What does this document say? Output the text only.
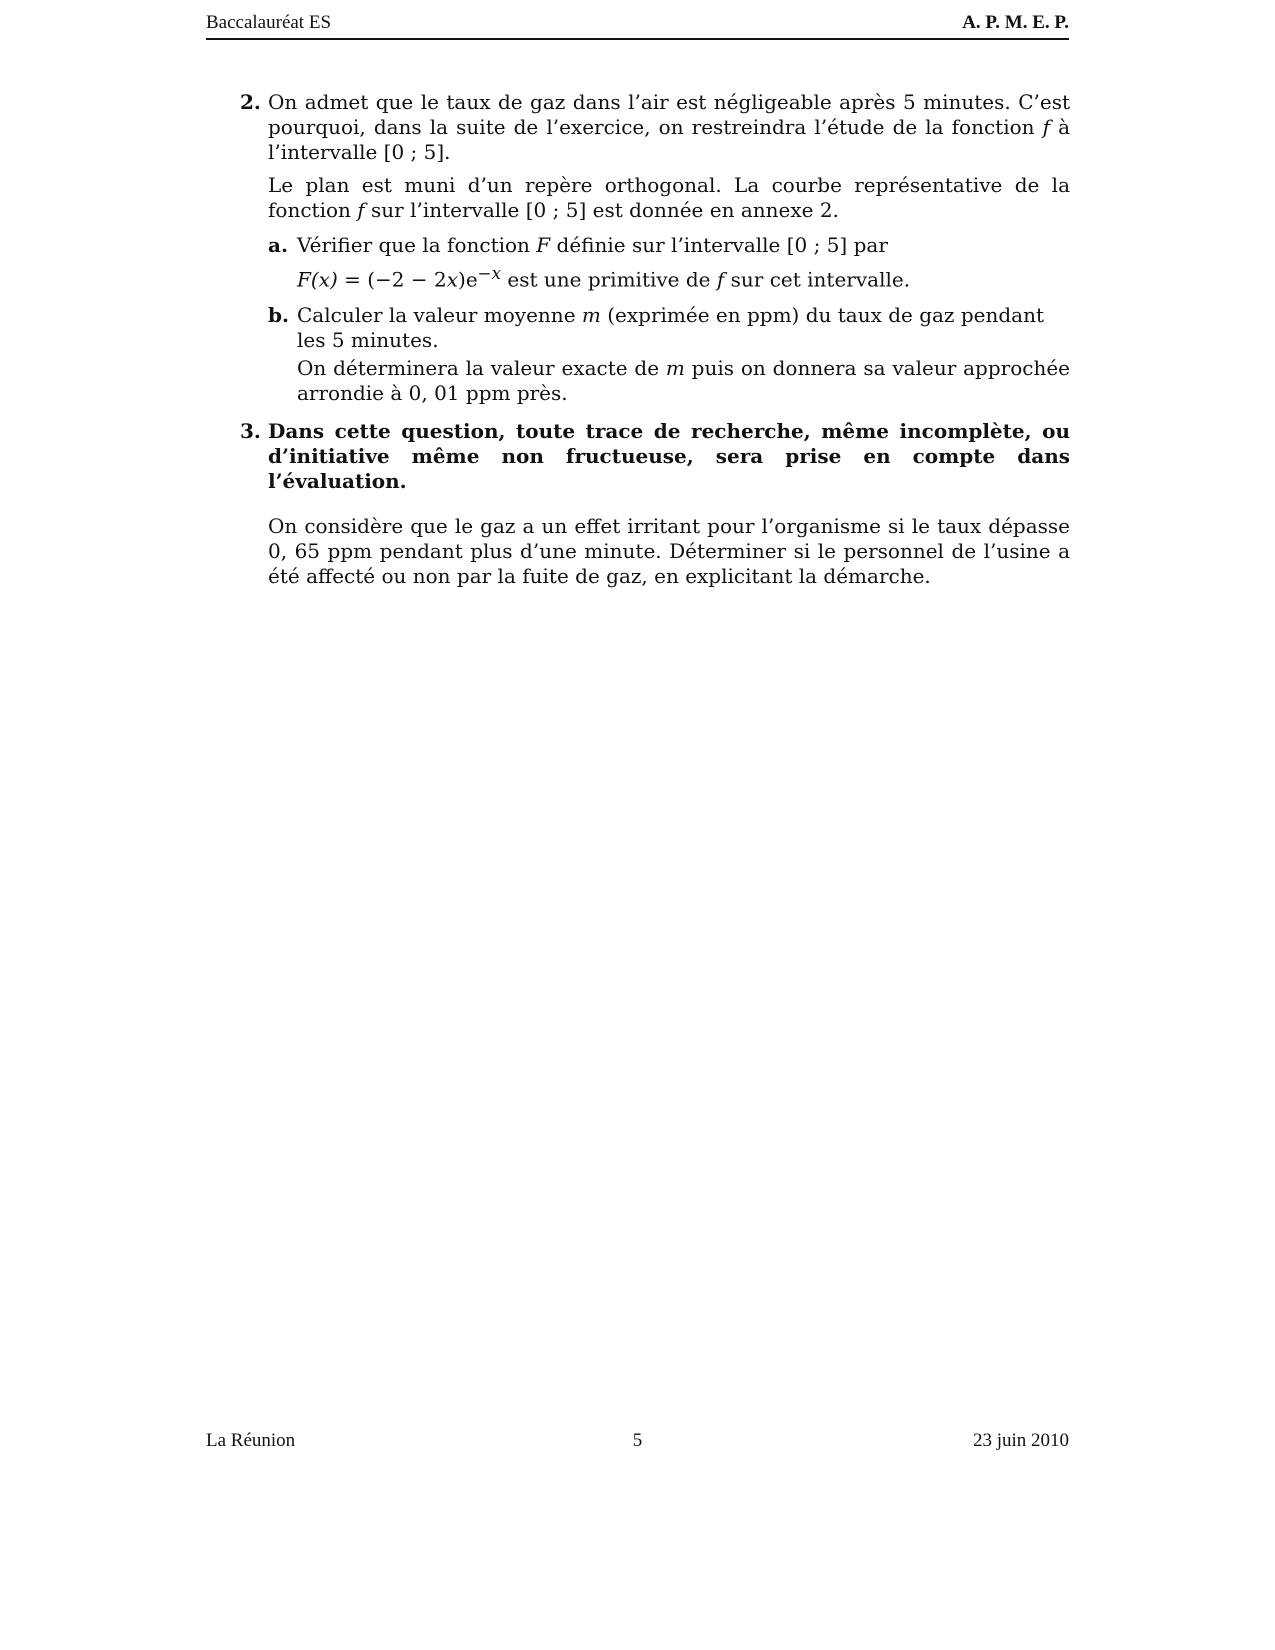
Baccalauréat ES	A. P. M. E. P.
2. On admet que le taux de gaz dans l’air est négligeable après 5 minutes. C’est pourquoi, dans la suite de l’exercice, on restreindra l’étude de la fonction f à l’intervalle [0 ; 5].

Le plan est muni d’un repère orthogonal. La courbe représentative de la fonction f sur l’intervalle [0 ; 5] est donnée en annexe 2.

a. Vérifier que la fonction F définie sur l’intervalle [0 ; 5] par

$F(x) = (-2 - 2x)e^{-x}$ est une primitive de f sur cet intervalle.

b. Calculer la valeur moyenne m (exprimée en ppm) du taux de gaz pendant les 5 minutes.

On déterminera la valeur exacte de m puis on donnera sa valeur approchée arrondie à 0, 01 ppm près.

3. Dans cette question, toute trace de recherche, même incomplète, ou d’initiative même non fructueuse, sera prise en compte dans l’évaluation.

On considère que le gaz a un effet irritant pour l’organisme si le taux dépasse 0, 65 ppm pendant plus d’une minute. Déterminer si le personnel de l’usine a été affecté ou non par la fuite de gaz, en explicitant la démarche.

La Réunion	5	23 juin 2010
